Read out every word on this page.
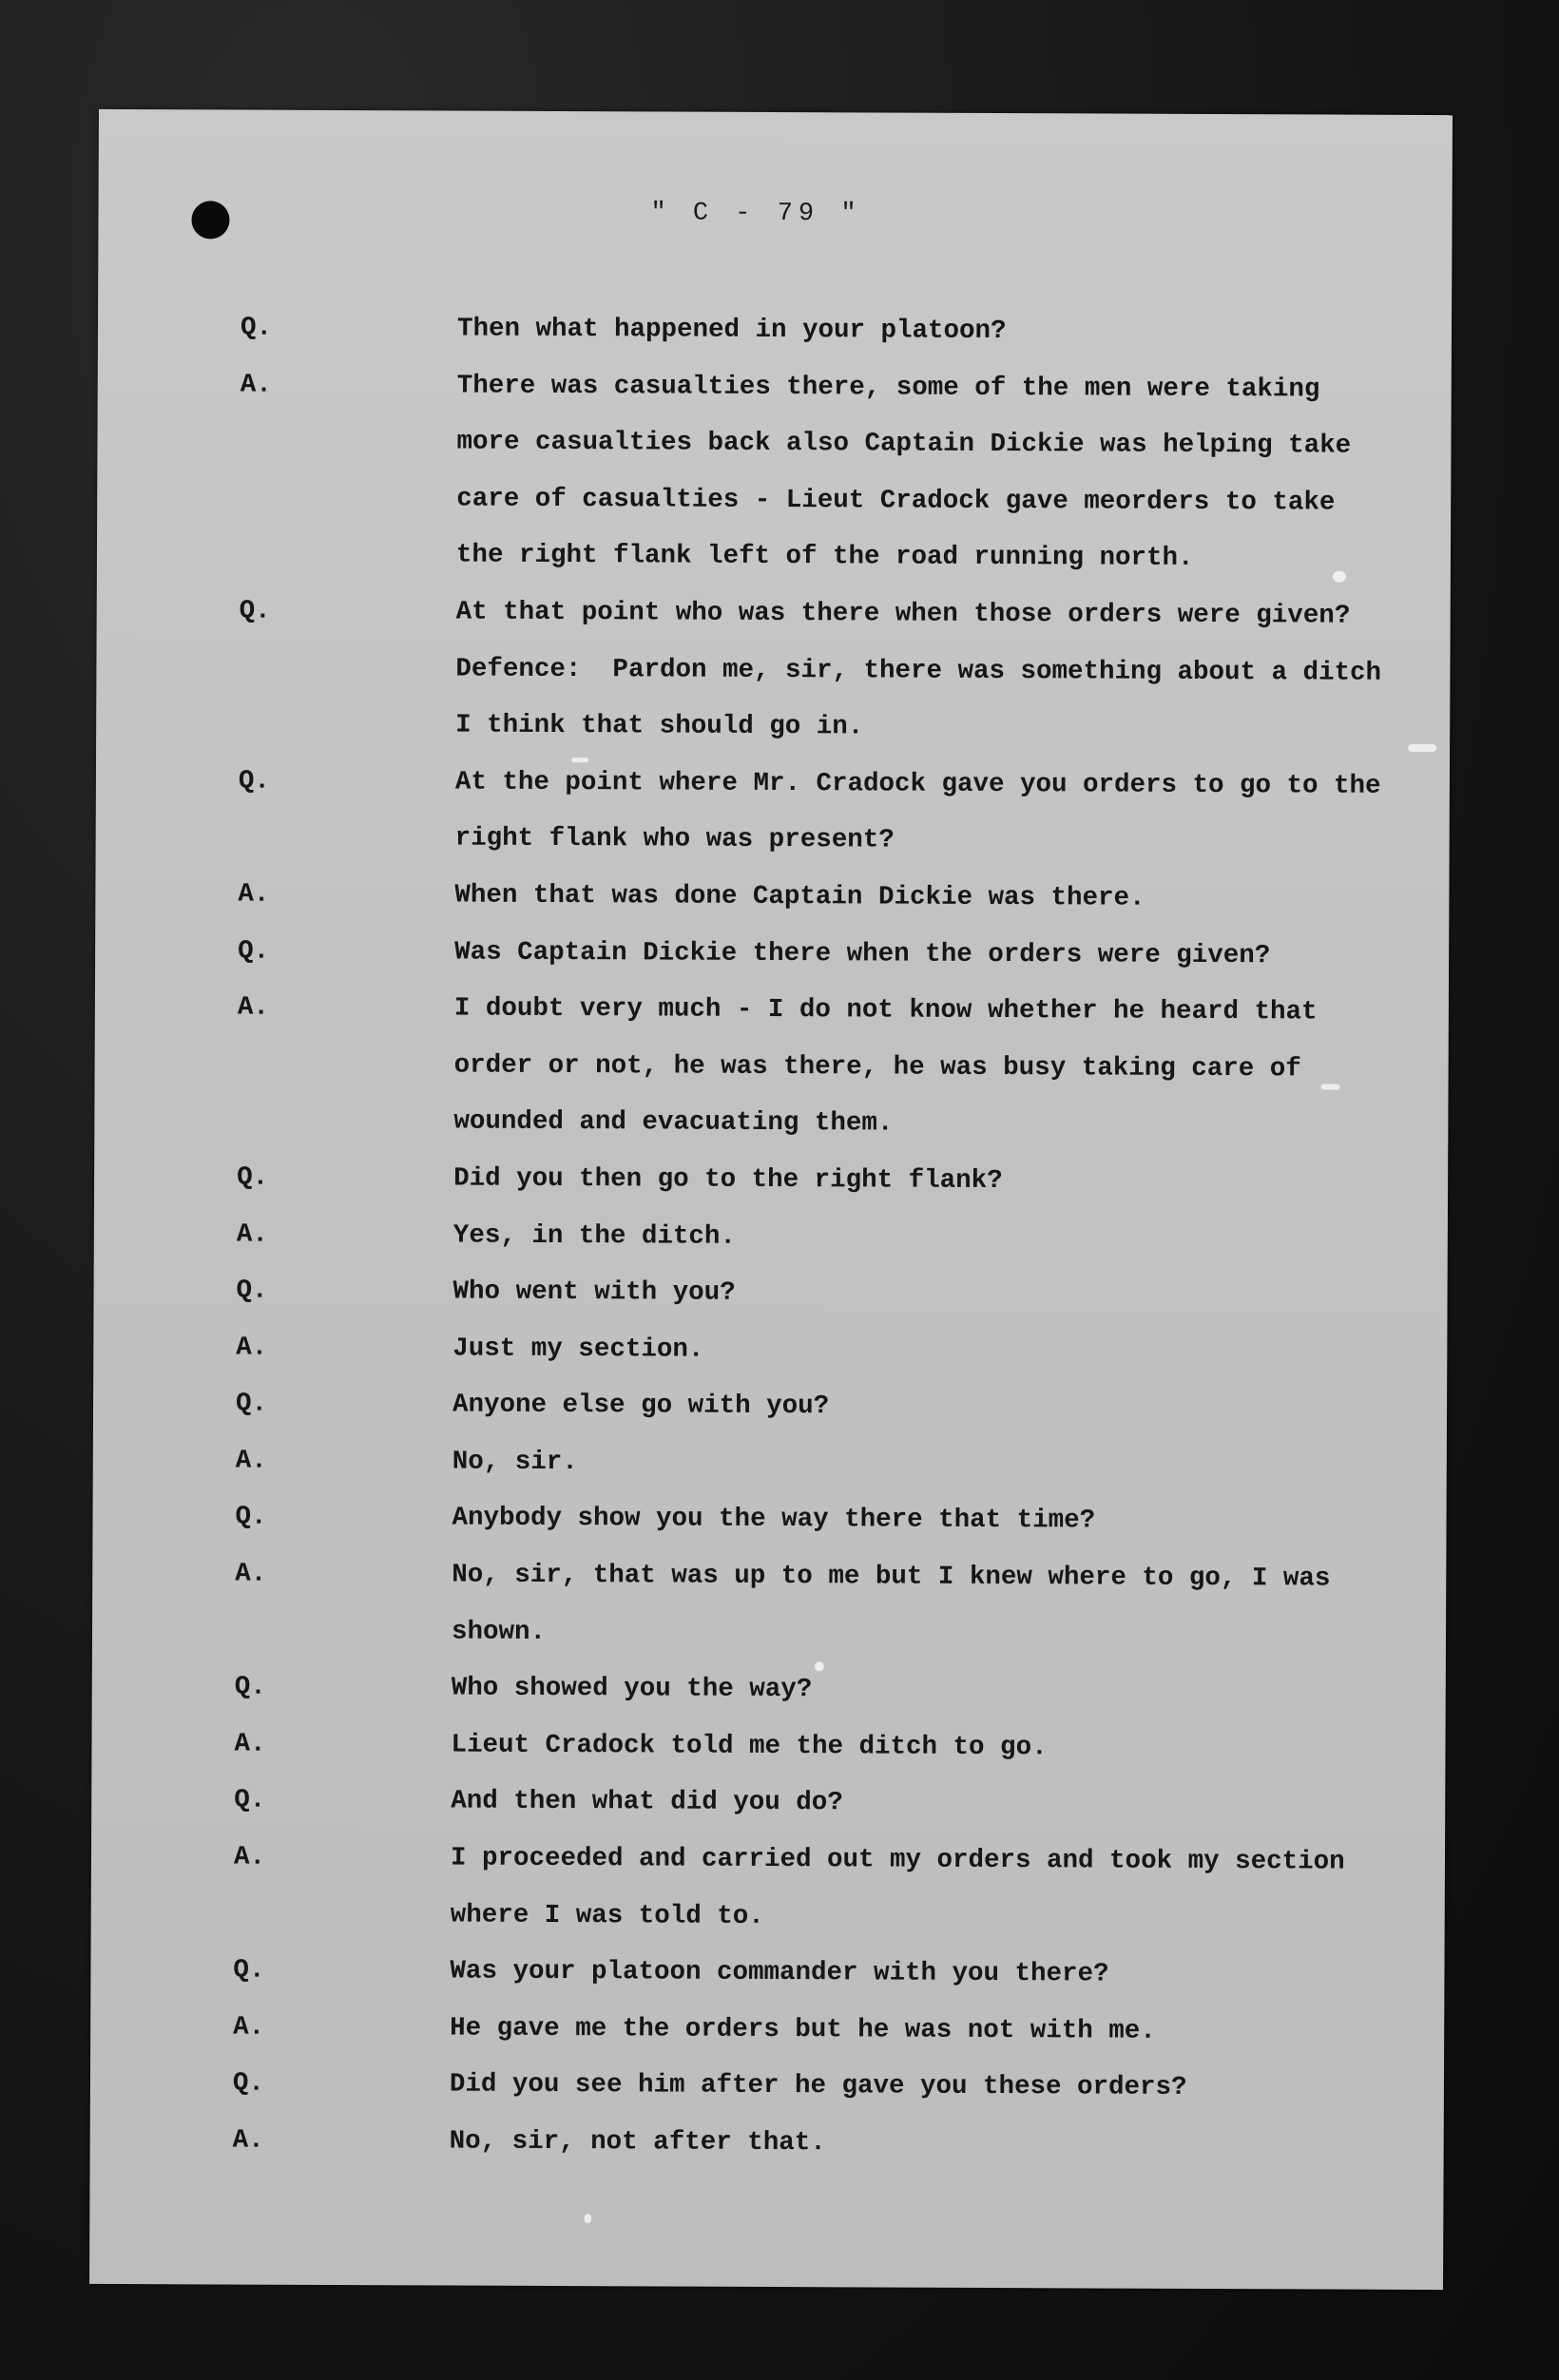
" C - 79 "
Q.	Then what happened in your platoon?
A.	There was casualties there, some of the men were taking
more casualties back also Captain Dickie was helping take
care of casualties - Lieut Cradock gave meorders to take
the right flank left of the road running north.
Q.	At that point who was there when those orders were given?
Defence:  Pardon me, sir, there was something about a ditch
I think that should go in.
Q.	At the point where Mr. Cradock gave you orders to go to the
right flank who was present?
A.	When that was done Captain Dickie was there.
Q.	Was Captain Dickie there when the orders were given?
A.	I doubt very much - I do not know whether he heard that
order or not, he was there, he was busy taking care of
wounded and evacuating them.
Q.	Did you then go to the right flank?
A.	Yes, in the ditch.
Q.	Who went with you?
A.	Just my section.
Q.	Anyone else go with you?
A.	No, sir.
Q.	Anybody show you the way there that time?
A.	No, sir, that was up to me but I knew where to go, I was
shown.
Q.	Who showed you the way?
A.	Lieut Cradock told me the ditch to go.
Q.	And then what did you do?
A.	I proceeded and carried out my orders and took my section
where I was told to.
Q.	Was your platoon commander with you there?
A.	He gave me the orders but he was not with me.
Q.	Did you see him after he gave you these orders?
A.	No, sir, not after that.
